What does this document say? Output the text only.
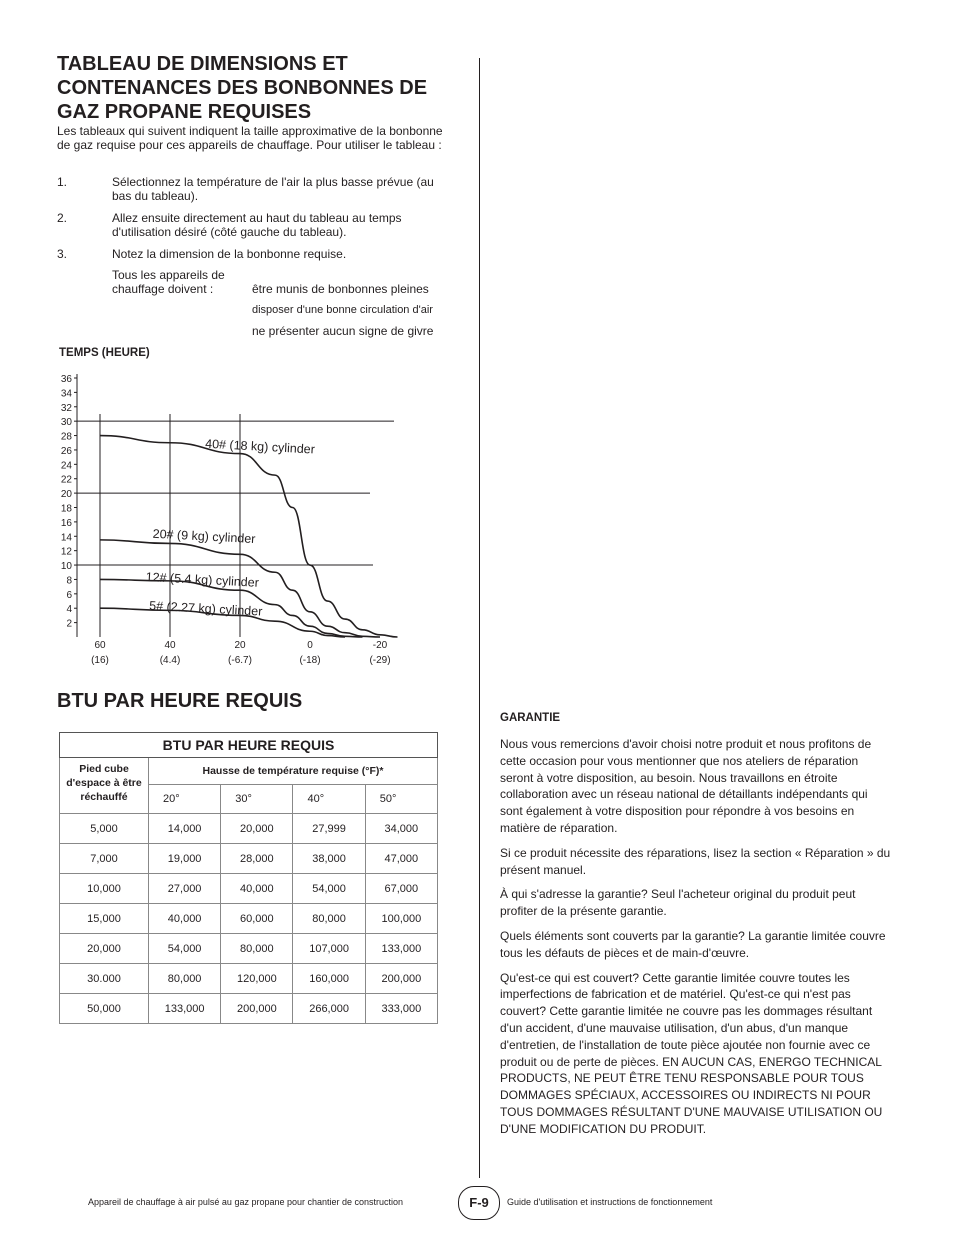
TABLEAU DE DIMENSIONS ET CONTENANCES DES BONBONNES DE GAZ PROPANE REQUISES
Les tableaux qui suivent indiquent la taille approximative de la bonbonne de gaz requise pour ces appareils de chauffage. Pour utiliser le tableau :
1.	Sélectionnez la température de l'air la plus basse prévue (au bas du tableau).
2.	Allez ensuite directement au haut du tableau au temps d'utilisation désiré (côté gauche du tableau).
3.	Notez la dimension de la bonbonne requise.
Tous les appareils de chauffage doivent :	être munis de bonbonnes pleines
disposer d'une bonne circulation d'air
ne présenter aucun signe de givre
TEMPS (HEURE)
36
34
32
30
28
26
24
22
20
18
16
14
12
10
8
6
4
2
60
(16)
40
(4.4)
20
(-6.7)
0
(-18)
-20
(-29)
40# (18 kg) cylinder
20# (9 kg) cylinder
12# (5.4 kg) cylinder
5# (2.27 kg) cylinder
BTU PAR HEURE REQUIS
BTU PAR HEURE REQUIS				
Pied cube d'espace à être réchauffé	Hausse de température requise (°F)*			
	20°	30°	40°	50°
5,000	14,000	20,000	27,999	34,000
7,000	19,000	28,000	38,000	47,000
10,000	27,000	40,000	54,000	67,000
15,000	40,000	60,000	80,000	100,000
20,000	54,000	80,000	107,000	133,000
30.000	80,000	120,000	160,000	200,000
50,000	133,000	200,000	266,000	333,000
GARANTIE

Nous vous remercions d'avoir choisi notre produit et nous profitons de cette occasion pour vous mentionner que nos ateliers de réparation seront à votre disposition, au besoin. Nous travaillons en étroite collaboration avec un réseau national de détaillants indépendants qui sont également à votre disposition pour répondre à vos besoins en matière de réparation.

Si ce produit nécessite des réparations, lisez la section « Réparation » du présent manuel.

À qui s'adresse la garantie? Seul l'acheteur original du produit peut profiter de la présente garantie.

Quels éléments sont couverts par la garantie? La garantie limitée couvre tous les défauts de pièces et de main-d'œuvre.

Qu'est-ce qui est couvert? Cette garantie limitée couvre toutes les imperfections de fabrication et de matériel. Qu'est-ce qui n'est pas couvert? Cette garantie limitée ne couvre pas les dommages résultant d'un accident, d'une mauvaise utilisation, d'un abus, d'un manque d'entretien, de l'installation de toute pièce ajoutée non fournie avec ce produit ou de perte de pièces. EN AUCUN CAS, ENERGO TECHNICAL PRODUCTS, NE PEUT ÊTRE TENU RESPONSABLE POUR TOUS DOMMAGES SPÉCIAUX, ACCESSOIRES OU INDIRECTS NI POUR TOUS DOMMAGES RÉSULTANT D'UNE MAUVAISE UTILISATION OU D'UNE MODIFICATION DU PRODUIT.

Appareil de chauffage à air pulsé au gaz propane pour chantier de construction	F-9	Guide d'utilisation et instructions de fonctionnement
